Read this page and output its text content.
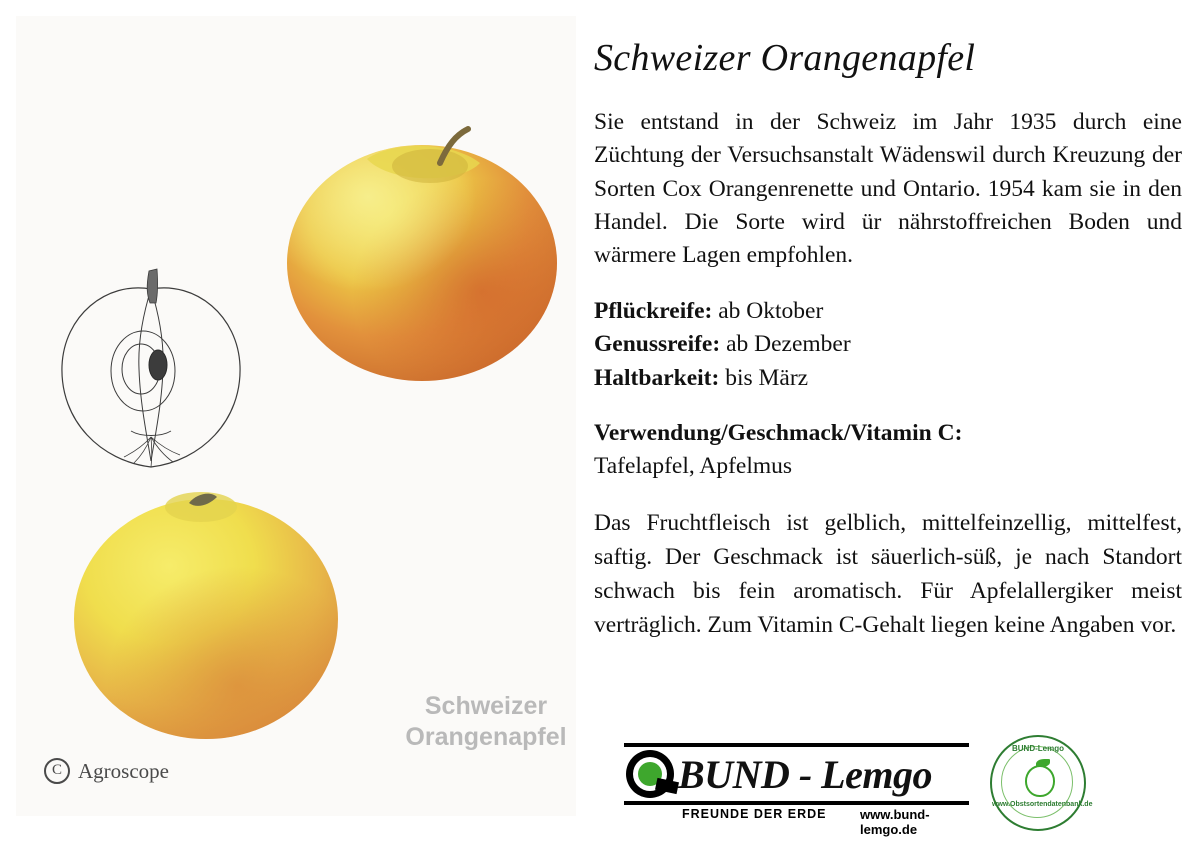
Schweizer
Orangenapfel
C Agroscope
Schweizer Orangenapfel

Sie entstand in der Schweiz im Jahr 1935 durch eine Züchtung der Versuchsanstalt Wädenswil durch Kreuzung der Sorten Cox Orangenrenette und Ontario. 1954 kam sie in den Handel. Die Sorte wird ür nährstoffreichen Boden und wärmere Lagen empfohlen.

Pflückreife: ab Oktober
Genussreife: ab Dezember
Haltbarkeit: bis März
Verwendung/Geschmack/Vitamin C:
Tafelapfel, Apfelmus

Das Fruchtfleisch ist gelblich, mittelfeinzellig, mittelfest, saftig. Der Geschmack ist säuerlich-süß, je nach Standort schwach bis fein aromatisch. Für Apfelallergiker meist verträglich. Zum Vitamin C-Gehalt liegen keine Angaben vor.

BUND - Lemgo
FREUNDE DER ERDE	www.bund-lemgo.de
BUND-Lemgo
www.Obstsortendatenbank.de
